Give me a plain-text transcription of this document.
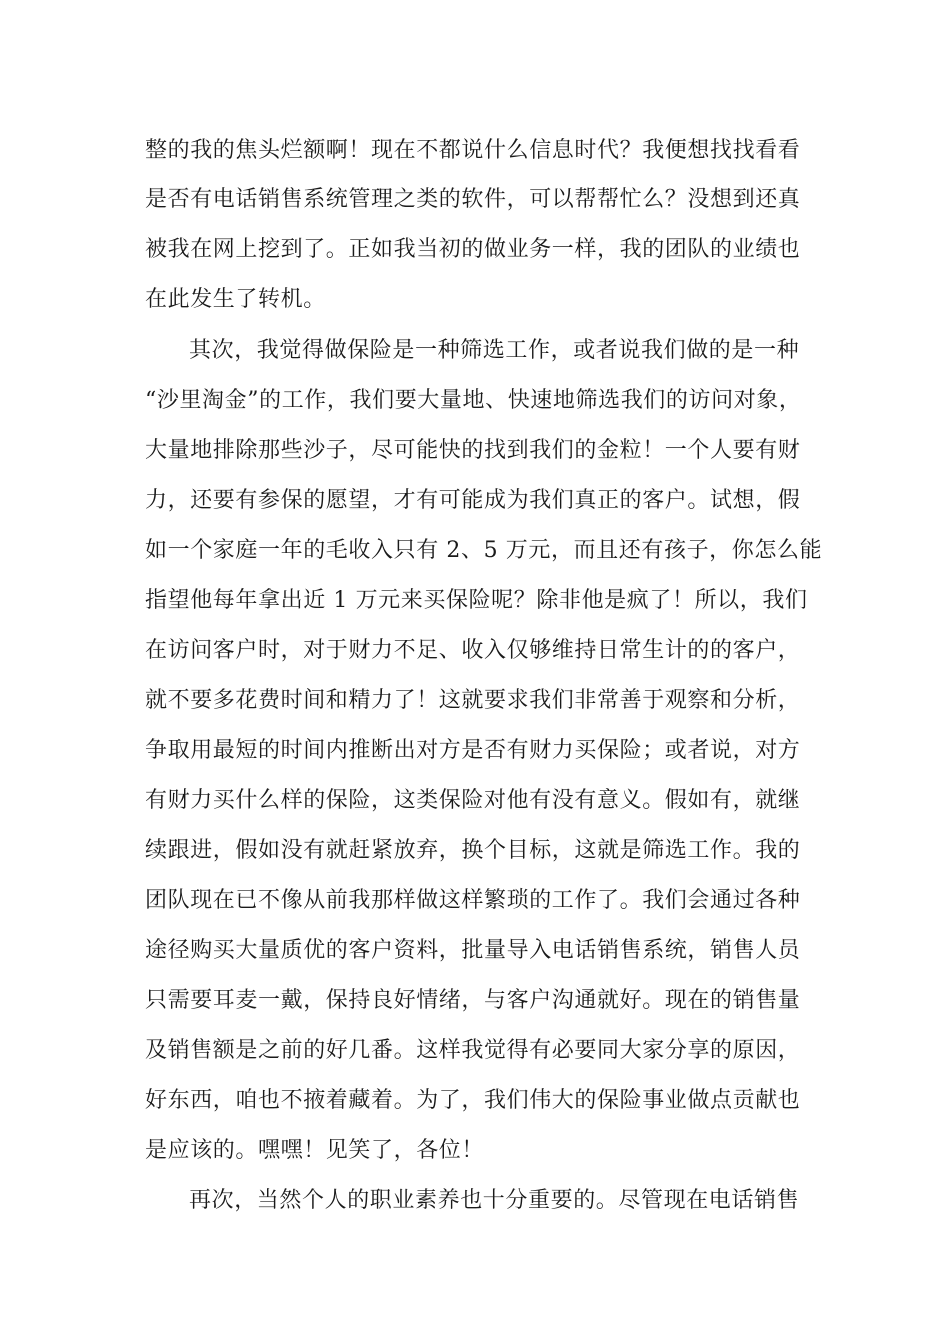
整的我的焦头烂额啊！现在不都说什么信息时代？我便想找找看看
是否有电话销售系统管理之类的软件，可以帮帮忙么？没想到还真
被我在网上挖到了。正如我当初的做业务一样，我的团队的业绩也
在此发生了转机。
其次，我觉得做保险是一种筛选工作，或者说我们做的是一种
“沙里淘金”的工作，我们要大量地、快速地筛选我们的访问对象，
大量地排除那些沙子，尽可能快的找到我们的金粒！一个人要有财
力，还要有参保的愿望，才有可能成为我们真正的客户。试想，假
如一个家庭一年的毛收入只有 2、5 万元，而且还有孩子，你怎么能
指望他每年拿出近 1 万元来买保险呢？除非他是疯了！所以，我们
在访问客户时，对于财力不足、收入仅够维持日常生计的的客户，
就不要多花费时间和精力了！这就要求我们非常善于观察和分析，
争取用最短的时间内推断出对方是否有财力买保险；或者说，对方
有财力买什么样的保险，这类保险对他有没有意义。假如有，就继
续跟进，假如没有就赶紧放弃，换个目标，这就是筛选工作。我的
团队现在已不像从前我那样做这样繁琐的工作了。我们会通过各种
途径购买大量质优的客户资料，批量导入电话销售系统，销售人员
只需要耳麦一戴，保持良好情绪，与客户沟通就好。现在的销售量
及销售额是之前的好几番。这样我觉得有必要同大家分享的原因，
好东西，咱也不掖着藏着。为了，我们伟大的保险事业做点贡献也
是应该的。嘿嘿！见笑了，各位！
再次，当然个人的职业素养也十分重要的。尽管现在电话销售
